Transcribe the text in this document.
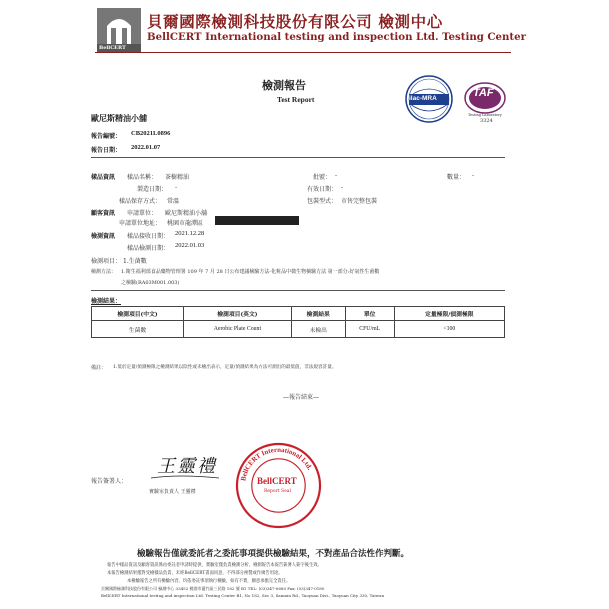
BellCERT
貝爾國際檢測科技股份有限公司 檢測中心
BellCERT International testing and inspection Ltd. Testing Center
檢測報告
Test Report	ilac-MRA	TAF
Testing Laboratory
3324
歐尼斯精油小舖
報告編號： CB2021L0896
報告日期： 2022.01.07
樣品資訊 樣品名稱： 茶樹精油
製造日期： -
樣品保存方式： 常溫
批號： -
有效日期： -
包裝型式： 市售完整包裝
數量： -
顧客資訊 申請單位： 歐尼斯精油小舖
申請單位地址： 桃園市龍潭區
檢測資訊 樣品接收日期： 2021.12.28
樣品檢測日期： 2022.01.03
檢測項目： 1.生菌數
檢測方法： 1.衛生福利部食品藥物管理署 109 年 7 月 28 日公布建議檢驗方法-化粧品中微生物檢驗方法 第一部分:好氣性生菌數
之檢驗(RA03M001.003)
檢測結果：
檢測項目(中文)	檢測項目(英文)	檢測結果	單位	定量極限/偵測極限
生菌數	Aerobic Plate Count	未檢出	CFU/mL	<100
備註： 1.低於定量/偵測極限之檢測結果以陰性或未檢出表示，定量/偵測結果為方法可測出的最低值，非法規容許量。
—報告結束—
報告簽署人：
王靈禮
實驗室負責人 王靈禮
BellCERT International Ltd.
BellCERT
Report Seal
檢驗報告僅就委託者之委託事項提供檢驗結果，不對產品合法性作判斷。
報告中樣品資訊及顧客資訊係由委託者申請時提供，實驗室僅負責檢測分析，檢測報告本報告簽署人簽字後生效。
本報告檢測結果僅對受檢樣品負責，未經BellCERT書面同意，不得部分複製或作廣告用途。
本檢驗報告之所有檢驗內容，均依委託事項執行檢驗，如有不實，願意承擔完全責任。
貝爾國際檢測科技股份有限公司 檢測中心 33452 桃園市蘆竹區三民路 182 號 B1 TEL: (03)347-0680 Fax: (03)347-0180
BellCERT International testing and inspection Ltd. Testing Center B1, No 182, Sec 3, Sanmin Rd., Taoyuan Dist., Taoyuan City 330, Taiwan
